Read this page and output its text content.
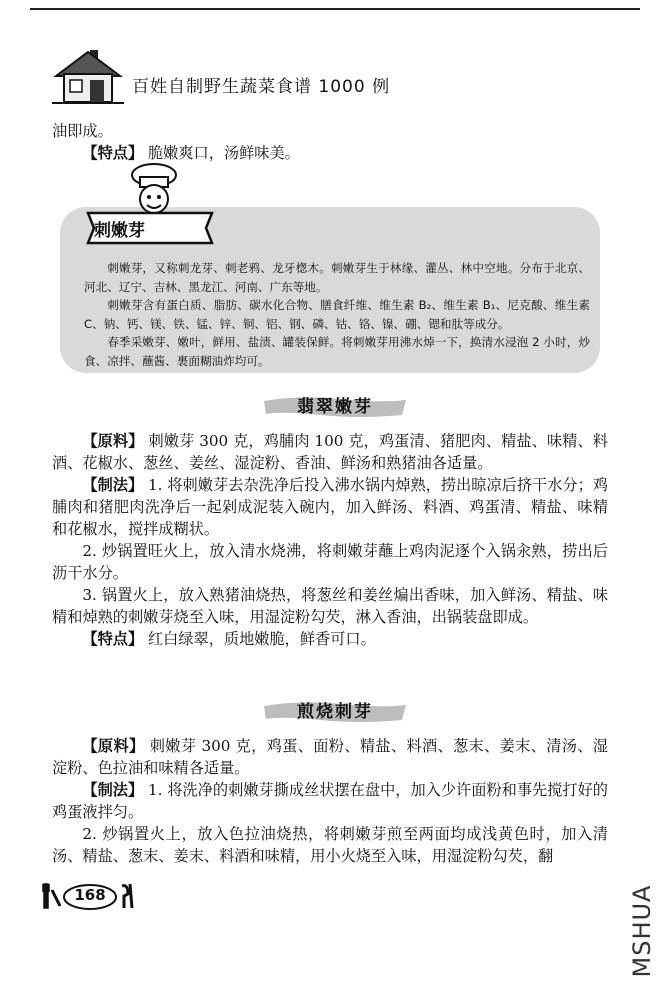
百姓自制野生蔬菜食谱 1000 例

油即成。

【特点】 脆嫩爽口，汤鲜味美。

刺嫩芽

刺嫩芽，又称刺龙芽、刺老鸦、龙牙楤木。刺嫩芽生于林缘、灌丛、林中空地。分布于北京、河北、辽宁、吉林、黑龙江、河南、广东等地。

刺嫩芽含有蛋白质、脂肪、碳水化合物、膳食纤维、维生素 B₂、维生素 B₁、尼克酸、维生素 C、钠、钙、镁、铁、锰、锌、铜、铝、钢、磷、钴、铬、镍、硼、锶和肽等成分。

春季采嫩芽、嫩叶，鲜用、盐渍、罐装保鲜。将刺嫩芽用沸水焯一下，换清水浸泡 2 小时，炒食、凉拌、蘸酱、裹面糊油炸均可。

翡翠嫩芽

【原料】 刺嫩芽 300 克，鸡脯肉 100 克，鸡蛋清、猪肥肉、精盐、味精、料酒、花椒水、葱丝、姜丝、湿淀粉、香油、鲜汤和熟猪油各适量。

【制法】 1. 将刺嫩芽去杂洗净后投入沸水锅内焯熟，捞出晾凉后挤干水分；鸡脯肉和猪肥肉洗净后一起剁成泥装入碗内，加入鲜汤、料酒、鸡蛋清、精盐、味精和花椒水，搅拌成糊状。

2. 炒锅置旺火上，放入清水烧沸，将刺嫩芽蘸上鸡肉泥逐个入锅汆熟，捞出后沥干水分。

3. 锅置火上，放入熟猪油烧热，将葱丝和姜丝煸出香味，加入鲜汤、精盐、味精和焯熟的刺嫩芽烧至入味，用湿淀粉勾芡，淋入香油，出锅装盘即成。

【特点】 红白绿翠，质地嫩脆，鲜香可口。

煎烧刺芽

【原料】 刺嫩芽 300 克，鸡蛋、面粉、精盐、料酒、葱末、姜末、清汤、湿淀粉、色拉油和味精各适量。

【制法】 1. 将洗净的刺嫩芽撕成丝状摆在盘中，加入少许面粉和事先搅打好的鸡蛋液拌匀。

2. 炒锅置火上，放入色拉油烧热，将刺嫩芽煎至两面均成浅黄色时，加入清汤、精盐、葱末、姜末、料酒和味精，用小火烧至入味，用湿淀粉勾芡，翻

168	MSHUA
